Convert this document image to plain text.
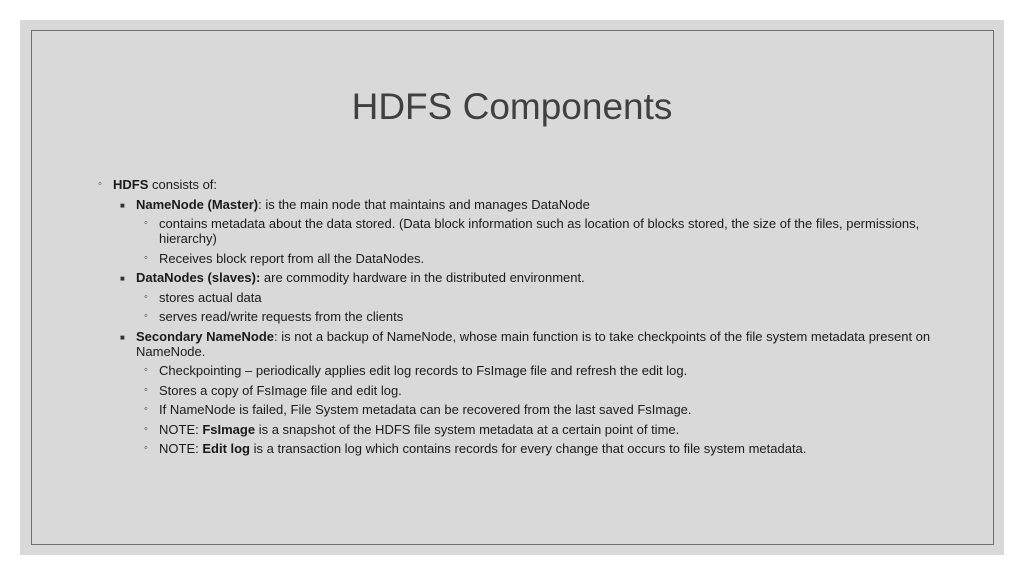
HDFS Components
◦ HDFS consists of:
■ NameNode (Master): is the main node that maintains and manages DataNode
◦ contains metadata about the data stored. (Data block information such as location of blocks stored, the size of the files, permissions, hierarchy)
◦ Receives block report from all the DataNodes.
■ DataNodes (slaves): are commodity hardware in the distributed environment.
◦ stores actual data
◦ serves read/write requests from the clients
■ Secondary NameNode: is not a backup of NameNode, whose main function is to take checkpoints of the file system metadata present on NameNode.
◦ Checkpointing – periodically applies edit log records to FsImage file and refresh the edit log.
◦ Stores a copy of FsImage file and edit log.
◦ If NameNode is failed, File System metadata can be recovered from the last saved FsImage.
◦ NOTE: FsImage is a snapshot of the HDFS file system metadata at a certain point of time.
◦ NOTE: Edit log is a transaction log which contains records for every change that occurs to file system metadata.
